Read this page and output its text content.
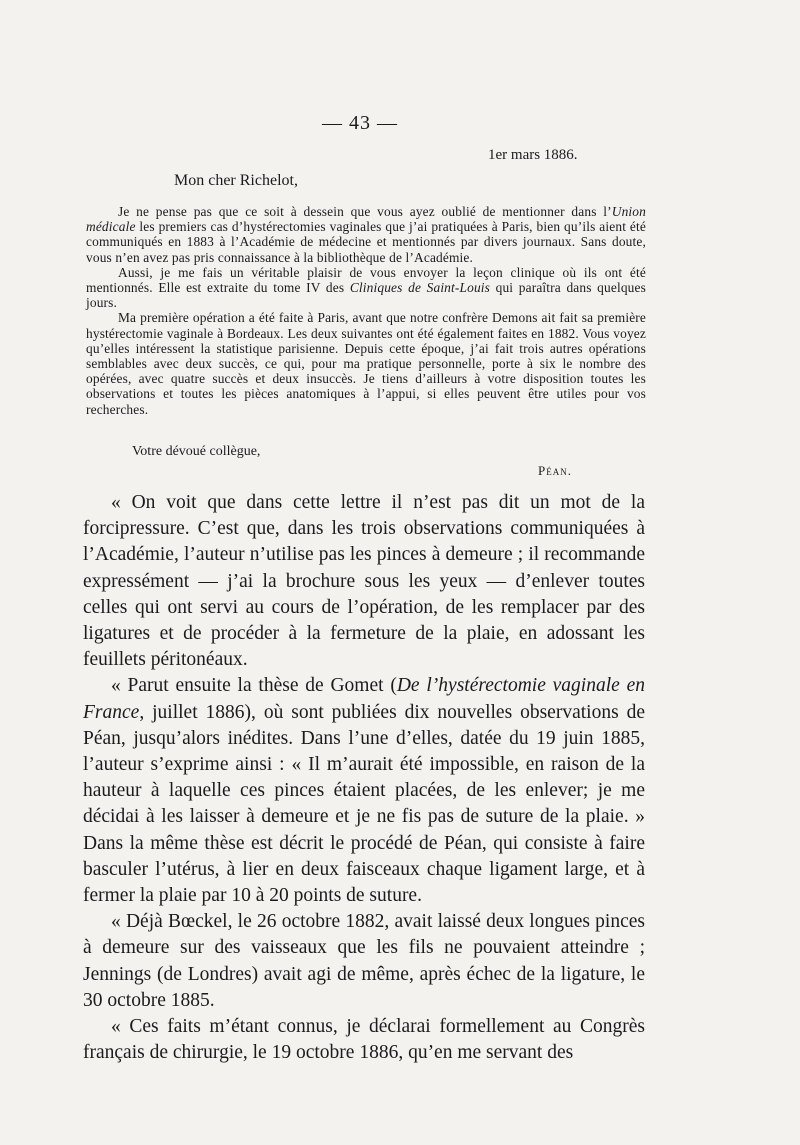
— 43 —
1er mars 1886.
Mon cher Richelot,

Je ne pense pas que ce soit à dessein que vous ayez oublié de mentionner dans l’Union médicale les premiers cas d’hystérectomies vaginales que j’ai pratiquées à Paris, bien qu’ils aient été communiqués en 1883 à l’Académie de médecine et mentionnés par divers journaux. Sans doute, vous n’en avez pas pris connaissance à la bibliothèque de l’Académie.

Aussi, je me fais un véritable plaisir de vous envoyer la leçon clinique où ils ont été mentionnés. Elle est extraite du tome IV des Cliniques de Saint-Louis qui paraîtra dans quelques jours.

Ma première opération a été faite à Paris, avant que notre confrère Demons ait fait sa première hystérectomie vaginale à Bordeaux. Les deux suivantes ont été également faites en 1882. Vous voyez qu’elles intéressent la statistique parisienne. Depuis cette époque, j’ai fait trois autres opérations semblables avec deux succès, ce qui, pour ma pratique personnelle, porte à six le nombre des opérées, avec quatre succès et deux insuccès. Je tiens d’ailleurs à votre disposition toutes les observations et toutes les pièces anatomiques à l’appui, si elles peuvent être utiles pour vos recherches.

Votre dévoué collègue,
Péan.

« On voit que dans cette lettre il n’est pas dit un mot de la forcipressure. C’est que, dans les trois observations communiquées à l’Académie, l’auteur n’utilise pas les pinces à demeure ; il recommande expressément — j’ai la brochure sous les yeux — d’enlever toutes celles qui ont servi au cours de l’opération, de les remplacer par des ligatures et de procéder à la fermeture de la plaie, en adossant les feuillets péritonéaux.

« Parut ensuite la thèse de Gomet (De l’hystérectomie vaginale en France, juillet 1886), où sont publiées dix nouvelles observations de Péan, jusqu’alors inédites. Dans l’une d’elles, datée du 19 juin 1885, l’auteur s’exprime ainsi : « Il m’aurait été impossible, en raison de la hauteur à laquelle ces pinces étaient placées, de les enlever; je me décidai à les laisser à demeure et je ne fis pas de suture de la plaie. » Dans la même thèse est décrit le procédé de Péan, qui consiste à faire basculer l’utérus, à lier en deux faisceaux chaque ligament large, et à fermer la plaie par 10 à 20 points de suture.

« Déjà Bœckel, le 26 octobre 1882, avait laissé deux longues pinces à demeure sur des vaisseaux que les fils ne pouvaient atteindre ; Jennings (de Londres) avait agi de même, après échec de la ligature, le 30 octobre 1885.

« Ces faits m’étant connus, je déclarai formellement au Congrès français de chirurgie, le 19 octobre 1886, qu’en me servant des
